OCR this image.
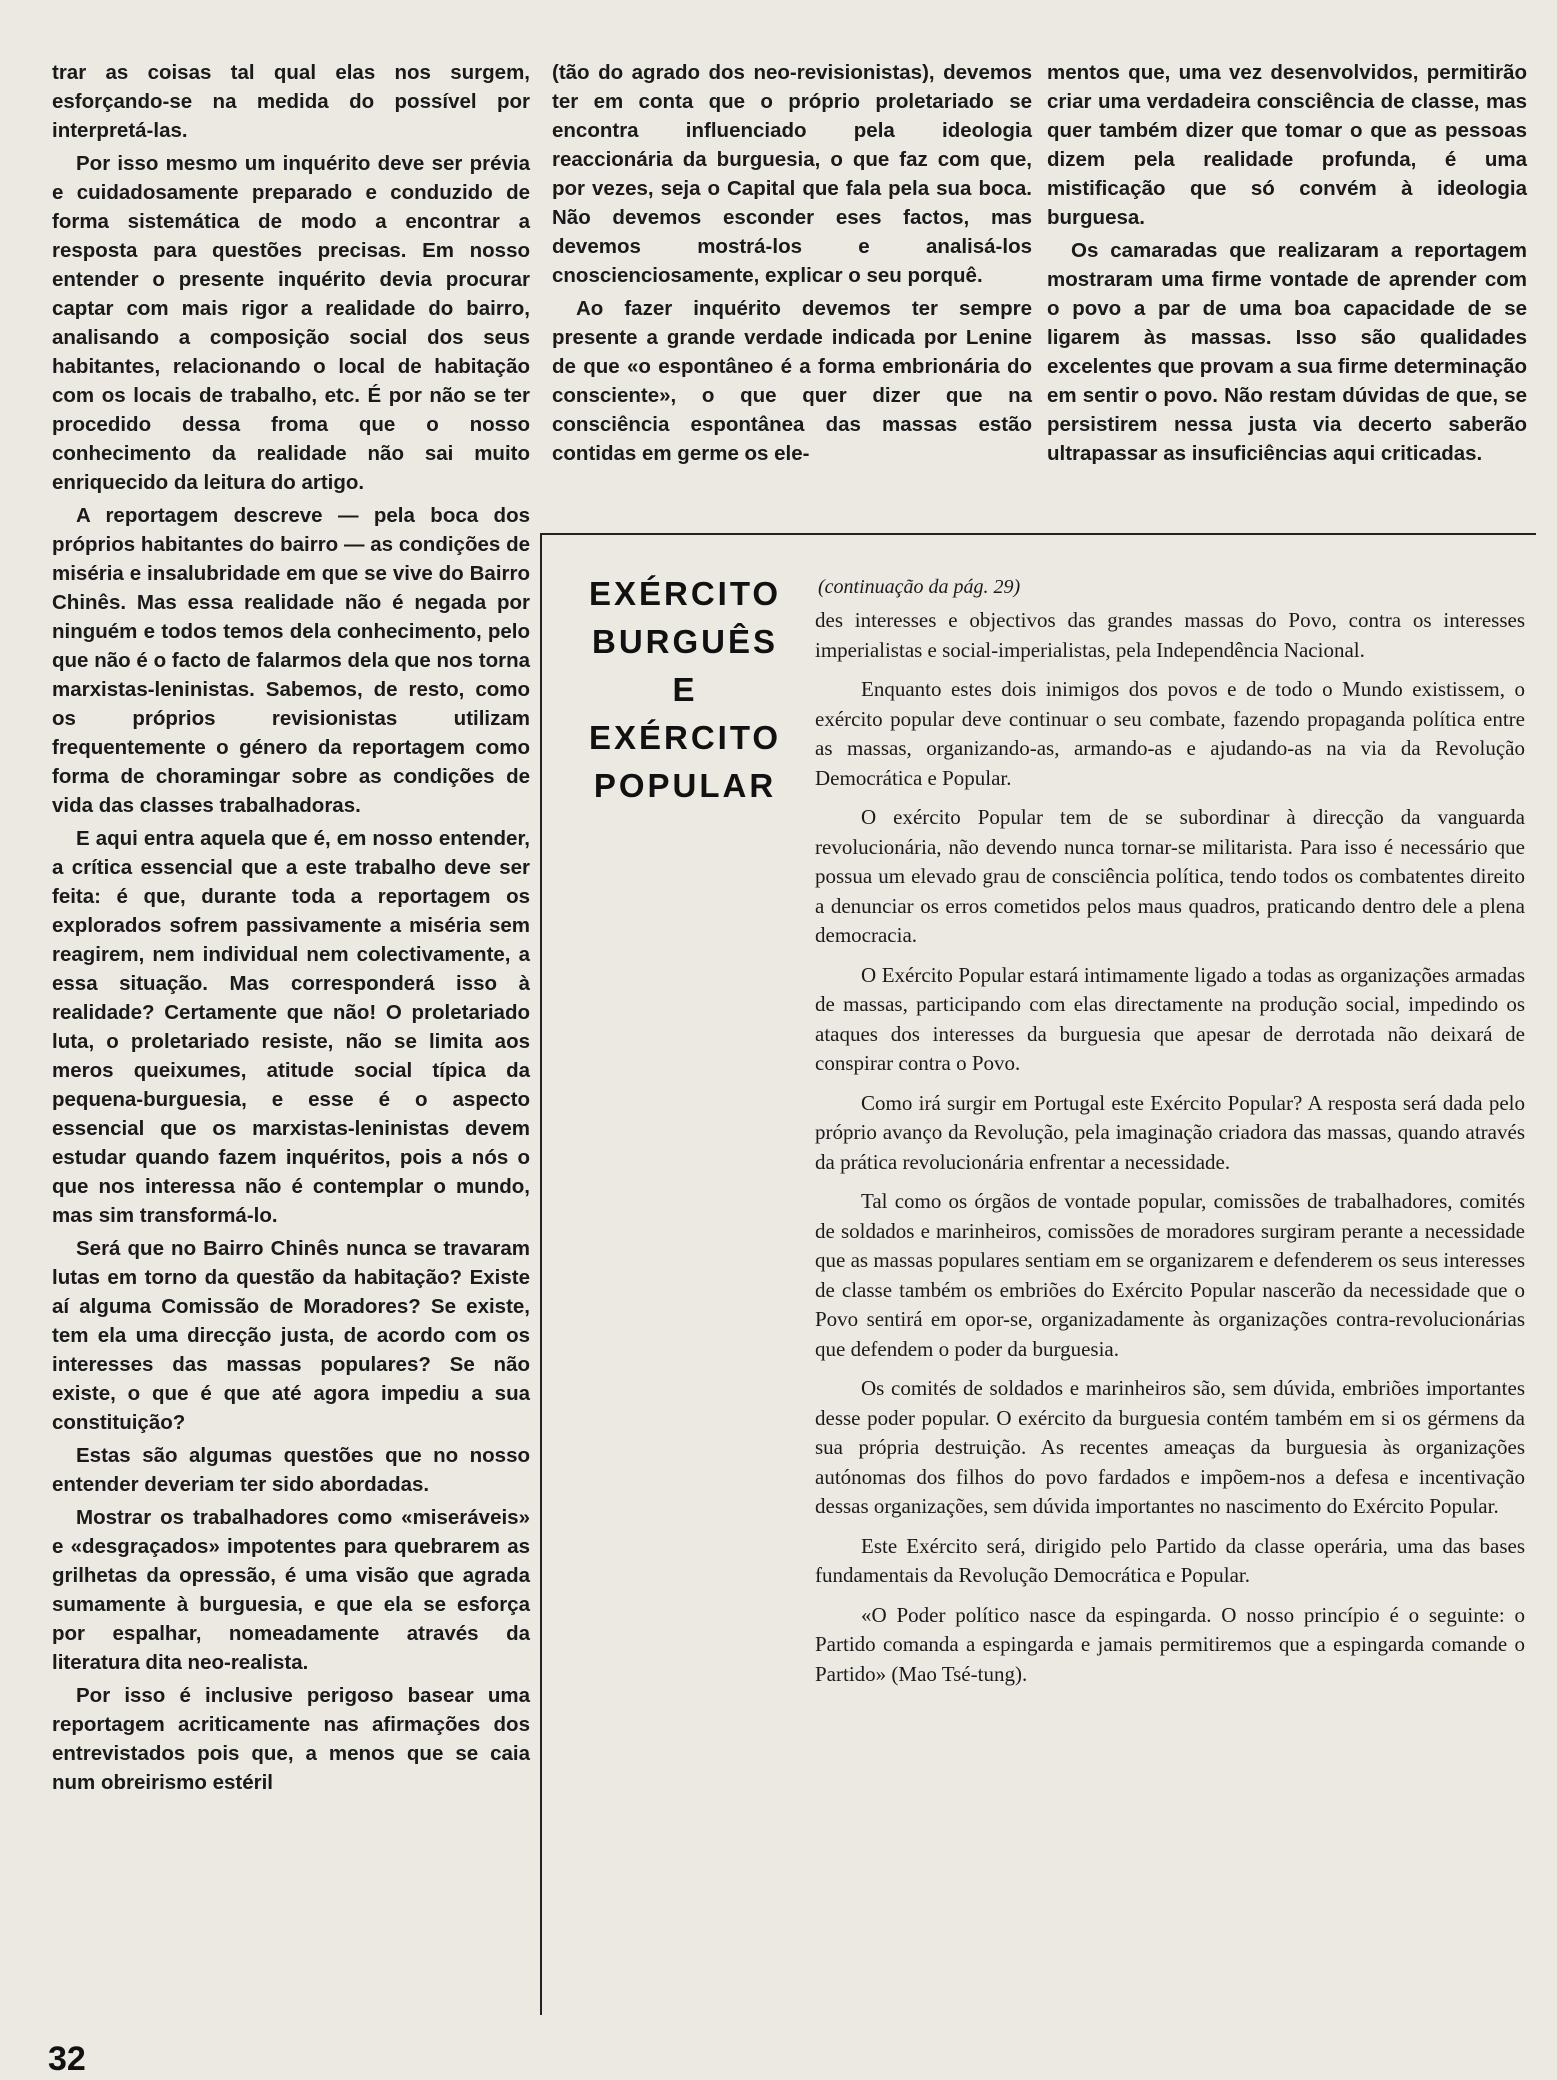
trar as coisas tal qual elas nos surgem, esforçando-se na medida do possível por interpretá-las.

Por isso mesmo um inquérito deve ser prévia e cuidadosamente preparado e conduzido de forma sistemática de modo a encontrar a resposta para questões precisas. Em nosso entender o presente inquérito devia procurar captar com mais rigor a realidade do bairro, analisando a composição social dos seus habitantes, relacionando o local de habitação com os locais de trabalho, etc. É por não se ter procedido dessa froma que o nosso conhecimento da realidade não sai muito enriquecido da leitura do artigo.

A reportagem descreve — pela boca dos próprios habitantes do bairro — as condições de miséria e insalubridade em que se vive do Bairro Chinês. Mas essa realidade não é negada por ninguém e todos temos dela conhecimento, pelo que não é o facto de falarmos dela que nos torna marxistas-leninistas. Sabemos, de resto, como os próprios revisionistas utilizam frequentemente o género da reportagem como forma de choramingar sobre as condições de vida das classes trabalhadoras.

E aqui entra aquela que é, em nosso entender, a crítica essencial que a este trabalho deve ser feita: é que, durante toda a reportagem os explorados sofrem passivamente a miséria sem reagirem, nem individual nem colectivamente, a essa situação. Mas corresponderá isso à realidade? Certamente que não! O proletariado luta, o proletariado resiste, não se limita aos meros queixumes, atitude social típica da pequena-burguesia, e esse é o aspecto essencial que os marxistas-leninistas devem estudar quando fazem inquéritos, pois a nós o que nos interessa não é contemplar o mundo, mas sim transformá-lo.

Será que no Bairro Chinês nunca se travaram lutas em torno da questão da habitação? Existe aí alguma Comissão de Moradores? Se existe, tem ela uma direcção justa, de acordo com os interesses das massas populares? Se não existe, o que é que até agora impediu a sua constituição?

Estas são algumas questões que no nosso entender deveriam ter sido abordadas.

Mostrar os trabalhadores como «miseráveis» e «desgraçados» impotentes para quebrarem as grilhetas da opressão, é uma visão que agrada sumamente à burguesia, e que ela se esforça por espalhar, nomeadamente através da literatura dita neo-realista.

Por isso é inclusive perigoso basear uma reportagem acriticamente nas afirmações dos entrevistados pois que, a menos que se caia num obreirismo estéril

(tão do agrado dos neo-revisionistas), devemos ter em conta que o próprio proletariado se encontra influenciado pela ideologia reaccionária da burguesia, o que faz com que, por vezes, seja o Capital que fala pela sua boca. Não devemos esconder eses factos, mas devemos mostrá-los e analisá-los cnoscienciosamente, explicar o seu porquê.

Ao fazer inquérito devemos ter sempre presente a grande verdade indicada por Lenine de que «o espontâneo é a forma embrionária do consciente», o que quer dizer que na consciência espontânea das massas estão contidas em germe os ele-

mentos que, uma vez desenvolvidos, permitirão criar uma verdadeira consciência de classe, mas quer também dizer que tomar o que as pessoas dizem pela realidade profunda, é uma mistificação que só convém à ideologia burguesa.

Os camaradas que realizaram a reportagem mostraram uma firme vontade de aprender com o povo a par de uma boa capacidade de se ligarem às massas. Isso são qualidades excelentes que provam a sua firme determinação em sentir o povo. Não restam dúvidas de que, se persistirem nessa justa via decerto saberão ultrapassar as insuficiências aqui criticadas.

EXÉRCITO
BURGUÊS
E
EXÉRCITO
POPULAR
(continuação da pág. 29)

des interesses e objectivos das grandes massas do Povo, contra os interesses imperialistas e social-imperialistas, pela Independência Nacional.

Enquanto estes dois inimigos dos povos e de todo o Mundo existissem, o exército popular deve continuar o seu combate, fazendo propaganda política entre as massas, organizando-as, armando-as e ajudando-as na via da Revolução Democrática e Popular.

O exército Popular tem de se subordinar à direcção da vanguarda revolucionária, não devendo nunca tornar-se militarista. Para isso é necessário que possua um elevado grau de consciência política, tendo todos os combatentes direito a denunciar os erros cometidos pelos maus quadros, praticando dentro dele a plena democracia.

O Exército Popular estará intimamente ligado a todas as organizações armadas de massas, participando com elas directamente na produção social, impedindo os ataques dos interesses da burguesia que apesar de derrotada não deixará de conspirar contra o Povo.

Como irá surgir em Portugal este Exército Popular? A resposta será dada pelo próprio avanço da Revolução, pela imaginação criadora das massas, quando através da prática revolucionária enfrentar a necessidade.

Tal como os órgãos de vontade popular, comissões de trabalhadores, comités de soldados e marinheiros, comissões de moradores surgiram perante a necessidade que as massas populares sentiam em se organizarem e defenderem os seus interesses de classe também os embriões do Exército Popular nascerão da necessidade que o Povo sentirá em opor-se, organizadamente às organizações contra-revolucionárias que defendem o poder da burguesia.

Os comités de soldados e marinheiros são, sem dúvida, embriões importantes desse poder popular. O exército da burguesia contém também em si os gérmens da sua própria destruição. As recentes ameaças da burguesia às organizações autónomas dos filhos do povo fardados e impõem-nos a defesa e incentivação dessas organizações, sem dúvida importantes no nascimento do Exército Popular.

Este Exército será, dirigido pelo Partido da classe operária, uma das bases fundamentais da Revolução Democrática e Popular.

«O Poder político nasce da espingarda. O nosso princípio é o seguinte: o Partido comanda a espingarda e jamais permitiremos que a espingarda comande o Partido» (Mao Tsé-tung).

32
